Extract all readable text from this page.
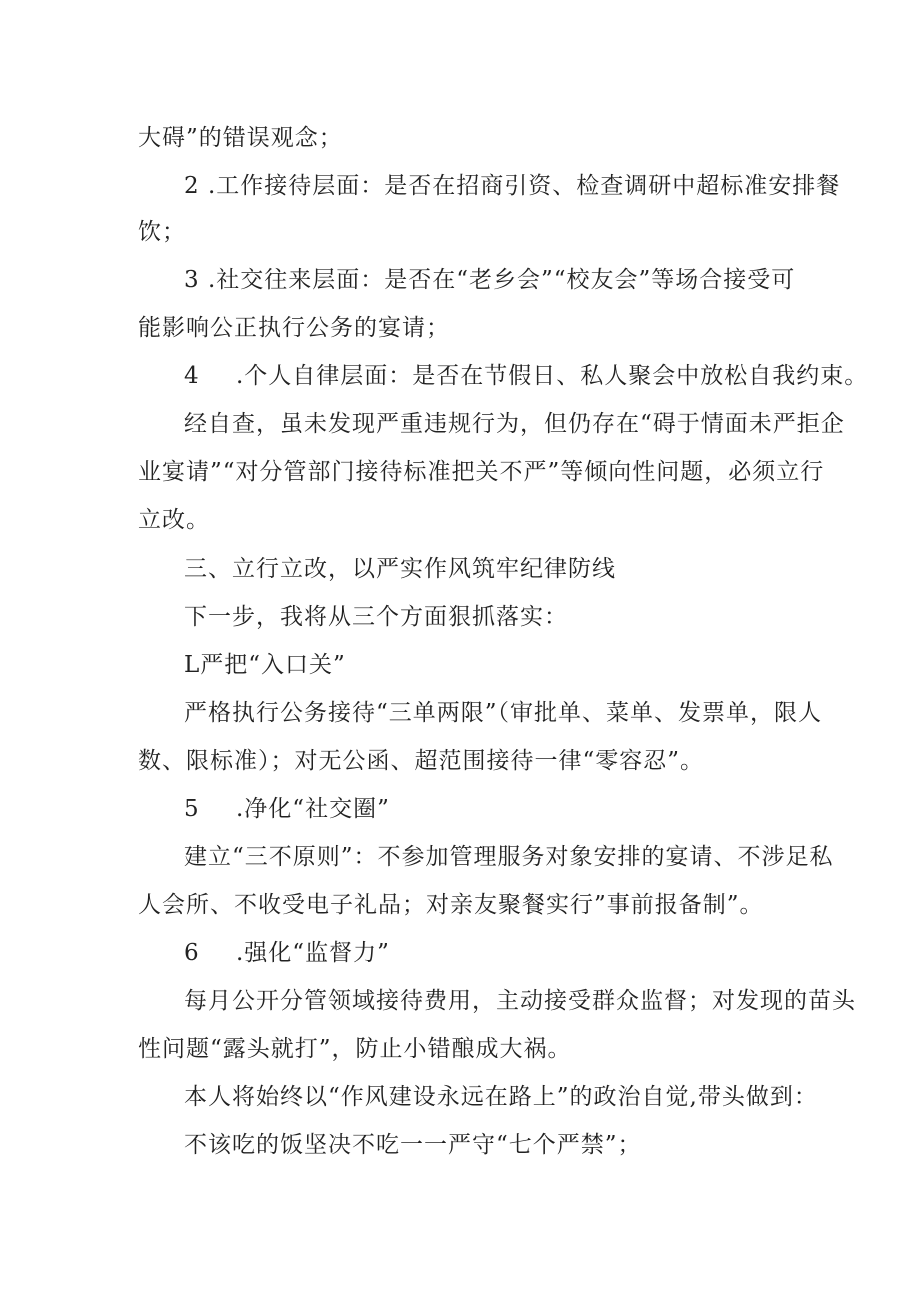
大碍”的错误观念；
2 .工作接待层面：是否在招商引资、检查调研中超标准安排餐
饮；
3 .社交往来层面：是否在“老乡会”“校友会”等场合接受可
能影响公正执行公务的宴请；
4 .个人自律层面：是否在节假日、私人聚会中放松自我约束。
经自查，虽未发现严重违规行为，但仍存在“碍于情面未严拒企
业宴请”“对分管部门接待标准把关不严”等倾向性问题，必须立行
立改。
三、立行立改，以严实作风筑牢纪律防线
下一步，我将从三个方面狠抓落实：
L严把“入口关”
严格执行公务接待“三单两限”（审批单、菜单、发票单，限人
数、限标准）；对无公函、超范围接待一律“零容忍”。
5 .净化“社交圈”
建立“三不原则”：不参加管理服务对象安排的宴请、不涉足私
人会所、不收受电子礼品；对亲友聚餐实行”事前报备制”。
6 .强化“监督力”
每月公开分管领域接待费用，主动接受群众监督；对发现的苗头
性问题“露头就打”，防止小错酿成大祸。
本人将始终以“作风建设永远在路上”的政治自觉,带头做到：
不该吃的饭坚决不吃一一严守“七个严禁”；
